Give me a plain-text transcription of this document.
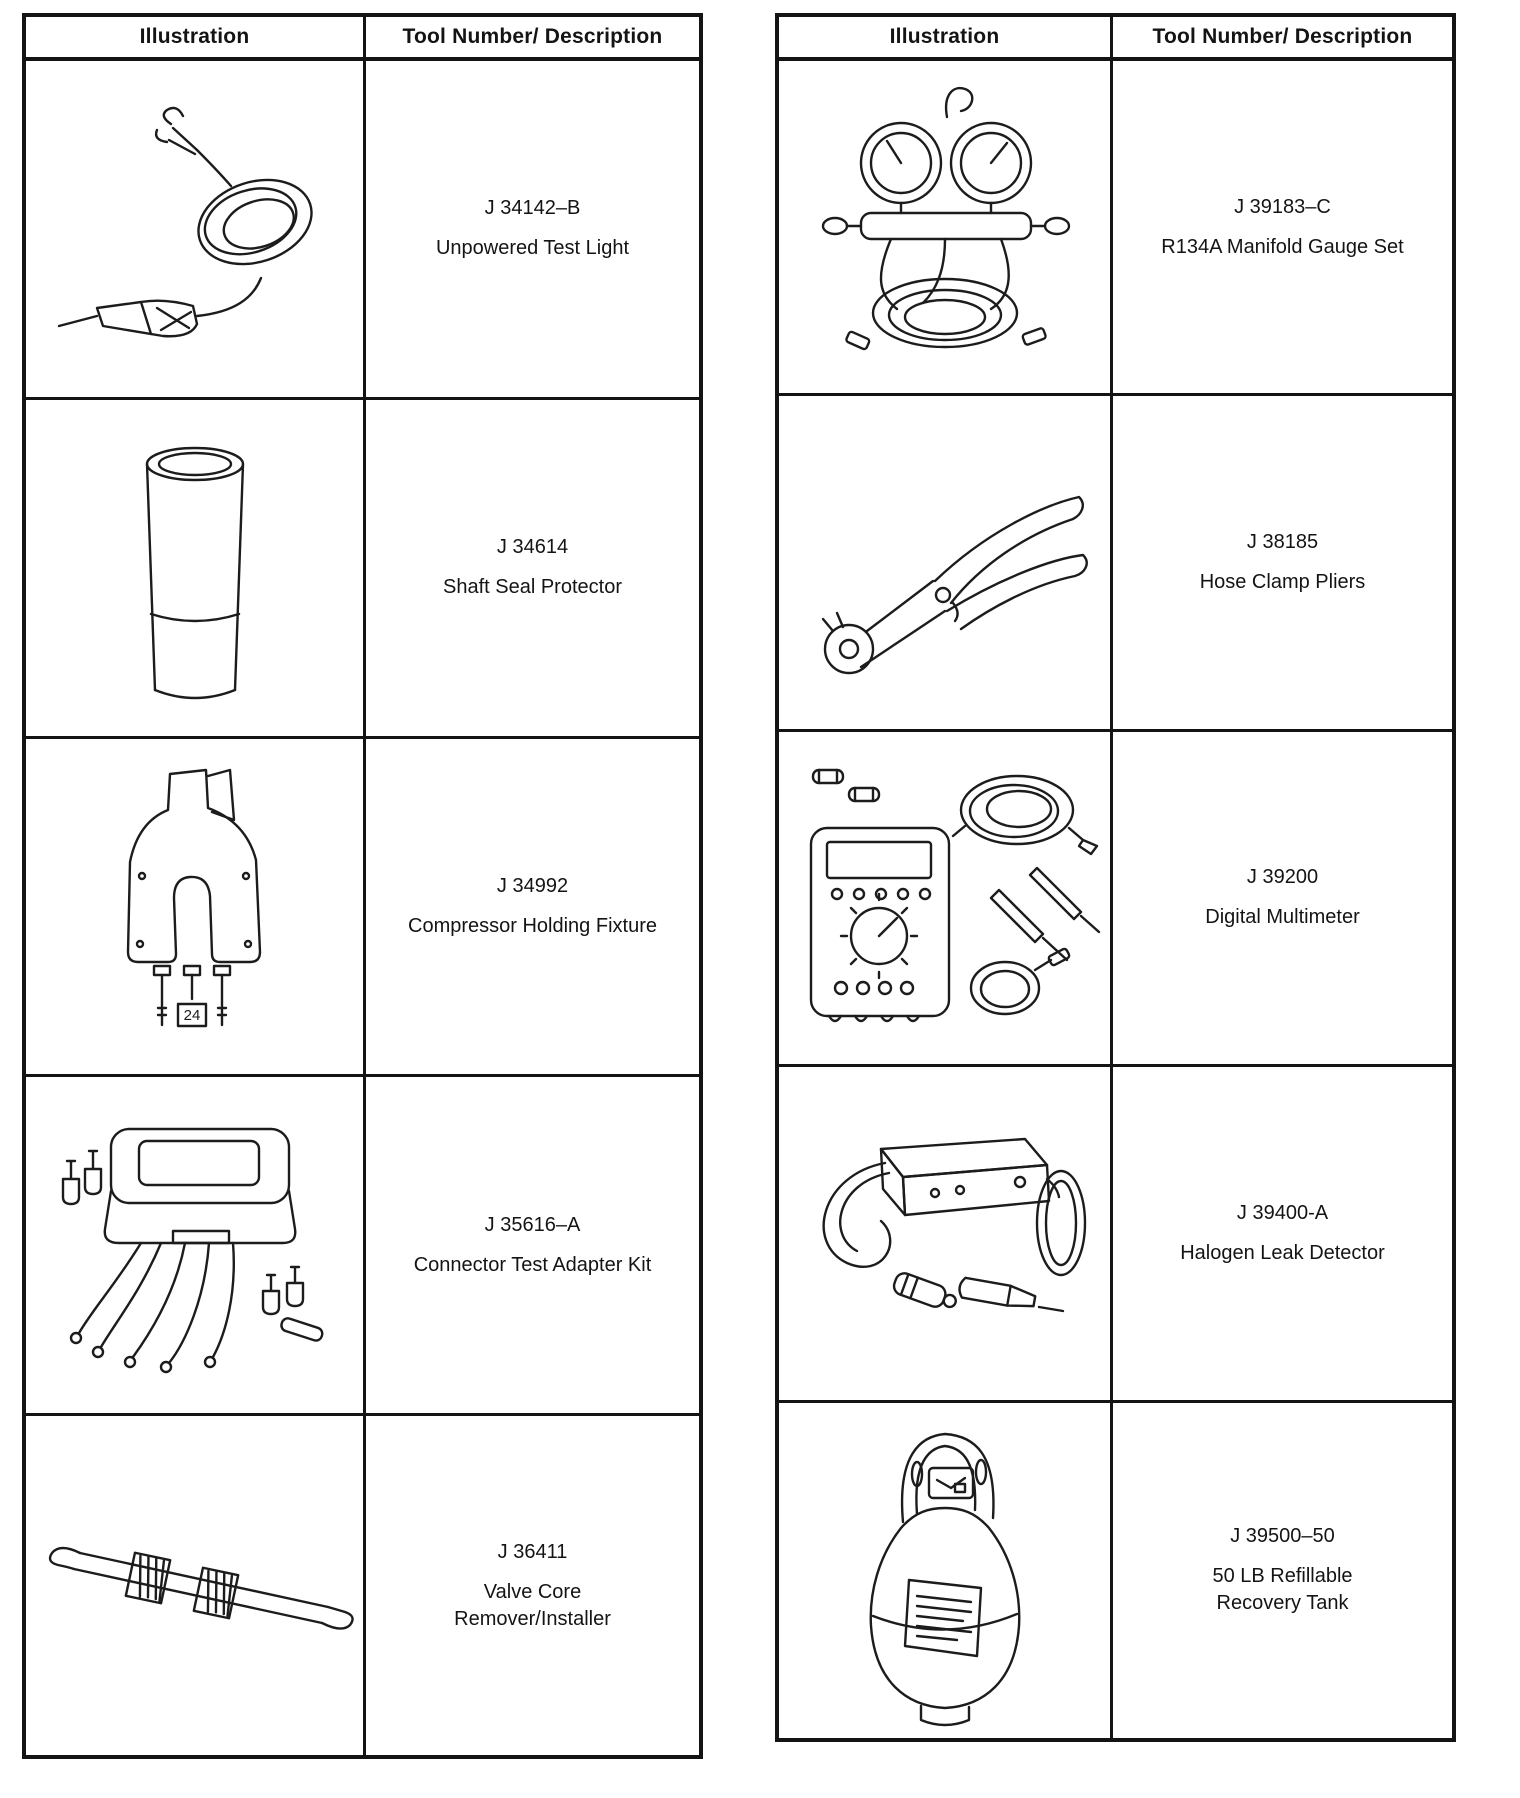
Illustration	Tool Number/ Description
J 34142–B
Unpowered Test Light
J 34614
Shaft Seal Protector
24
J 34992
Compressor Holding Fixture
J 35616–A
Connector Test Adapter Kit
J 36411
Valve Core
Remover/Installer
Illustration	Tool Number/ Description
J 39183–C
R134A Manifold Gauge Set
J 38185
Hose Clamp Pliers
J 39200
Digital Multimeter
J 39400-A
Halogen Leak Detector
J 39500–50
50 LB Refillable
Recovery Tank
